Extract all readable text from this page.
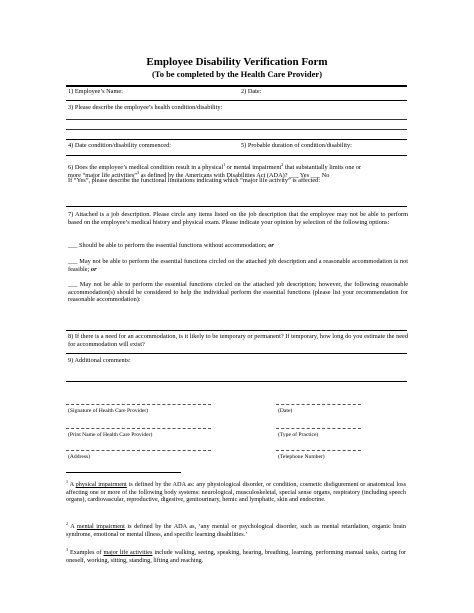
Employee Disability Verification Form
(To be completed by the Health Care Provider)
1) Employee’s Name:	2) Date:
3) Please describe the employee’s health condition/disability:
4) Date condition/disability commenced:	5) Probable duration of condition/disability:
6) Does the employee’s medical condition result in a physical$^1$ or mental impairment$^2$ that substantially limits one or
more “major life activities”$^3$ as defined by the Americans with Disabilities Act (ADA)? ___ Yes ___ No
If “Yes”, please describe the functional limitations indicating which “major life activity” is affected:
7) Attached is a job description. Please circle any items listed on the job description that the employee may not be able to perform based on the employee’s medical history and physical exam. Please indicate your opinion by selection of the following options:
___ Should be able to perform the essential functions without accommodation; or
___ May not be able to perform the essential functions circled on the attached job description and a reasonable accommodation is not feasible; or
___ May not be able to perform the essential functions circled on the attached job description; however, the following reasonable accommodation(s) should be considered to help the individual perform the essential functions (please list your recommendation for reasonable accommodation):
8) If there is a need for an accommodation, is it likely to be temporary or permanent? If temporary, how long do you estimate the need for accommodation will exist?
9) Additional comments:
(Signature of Health Care Provider)	(Date)
(Print Name of Health Care Provider)	(Type of Practice)
(Address)	(Telephone Number)
$^1$ A physical impairment is defined by the ADA as: any physiological disorder, or condition, cosmetic disfigurement or anatomical loss affecting one or more of the following body systems: neurological, musculoskeletal, special sense organs, respiratory (including speech organs), cardiovascular, reproductive, digestive, genitourinary, hemic and lymphatic, skin and endocrine.
$^2$ A mental impairment is defined by the ADA as, ‘any mental or psychological disorder, such as mental retardation, organic brain syndrome, emotional or mental illness, and specific learning disabilities.’
$^3$ Examples of major life activities include walking, seeing, speaking, hearing, breathing, learning, performing manual tasks, caring for oneself, working, sitting, standing, lifting and reaching.
